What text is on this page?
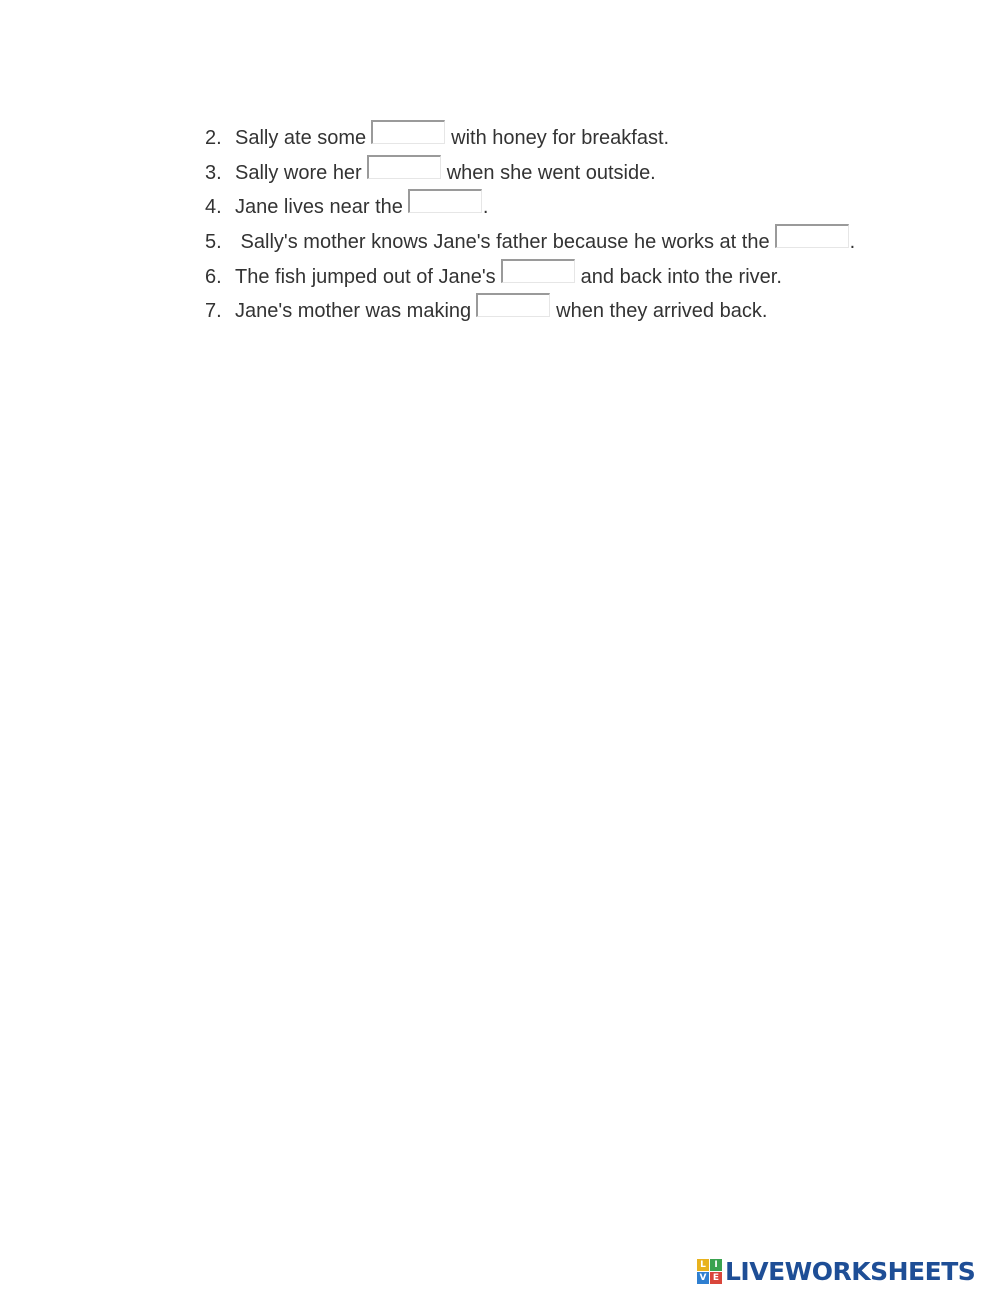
2. Sally ate some	with honey for breakfast.
3. Sally wore her	when she went outside.
4. Jane lives near the	.
5. Sally's mother knows Jane's father because he works at the	.
6. The fish jumped out of Jane's	and back into the river.
7. Jane's mother was making	when they arrived back.
L I
V E LIVEWORKSHEETS
